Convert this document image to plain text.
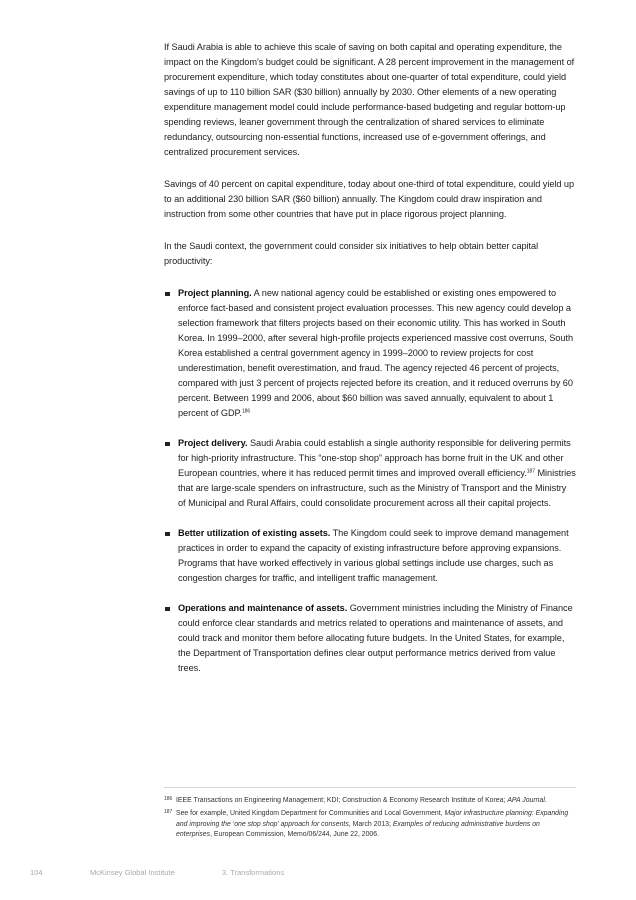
If Saudi Arabia is able to achieve this scale of saving on both capital and operating expenditure, the impact on the Kingdom’s budget could be significant. A 28 percent improvement in the management of procurement expenditure, which today constitutes about one-quarter of total expenditure, could yield savings of up to 110 billion SAR ($30 billion) annually by 2030. Other elements of a new operating expenditure management model could include performance-based budgeting and regular bottom-up spending reviews, leaner government through the centralization of shared services to eliminate redundancy, outsourcing non-essential functions, increased use of e-government offerings, and centralized procurement services.

Savings of 40 percent on capital expenditure, today about one-third of total expenditure, could yield up to an additional 230 billion SAR ($60 billion) annually. The Kingdom could draw inspiration and instruction from some other countries that have put in place rigorous project planning.

In the Saudi context, the government could consider six initiatives to help obtain better capital productivity:

Project planning. A new national agency could be established or existing ones empowered to enforce fact-based and consistent project evaluation processes. This new agency could develop a selection framework that filters projects based on their economic utility. This has worked in South Korea. In 1999–2000, after several high-profile projects experienced massive cost overruns, South Korea established a central government agency in 1999–2000 to review projects for cost underestimation, benefit overestimation, and fraud. The agency rejected 46 percent of projects, compared with just 3 percent of projects rejected before its creation, and it reduced overruns by 60 percent. Between 1999 and 2006, about $60 billion was saved annually, equivalent to about 1 percent of GDP.$^{186}$
Project delivery. Saudi Arabia could establish a single authority responsible for delivering permits for high-priority infrastructure. This “one-stop shop” approach has borne fruit in the UK and other European countries, where it has reduced permit times and improved overall efficiency.$^{187}$ Ministries that are large-scale spenders on infrastructure, such as the Ministry of Transport and the Ministry of Municipal and Rural Affairs, could consolidate procurement across all their capital projects.
Better utilization of existing assets. The Kingdom could seek to improve demand management practices in order to expand the capacity of existing infrastructure before approving expansions. Programs that have worked effectively in various global settings include use charges, such as congestion charges for traffic, and intelligent traffic management.
Operations and maintenance of assets. Government ministries including the Ministry of Finance could enforce clear standards and metrics related to operations and maintenance of assets, and could track and monitor them before allocating future budgets. In the United States, for example, the Department of Transportation defines clear output performance metrics derived from value trees.
186 IEEE Transactions on Engineering Management; KDI; Construction & Economy Research Institute of Korea; APA Journal.
187 See for example, United Kingdom Department for Communities and Local Government, Major infrastructure planning: Expanding and improving the ‘one stop shop’ approach for consents, March 2013; Examples of reducing administrative burdens on enterprises, European Commission, Memo/06/244, June 22, 2006.
104	McKinsey Global Institute	3. Transformations
